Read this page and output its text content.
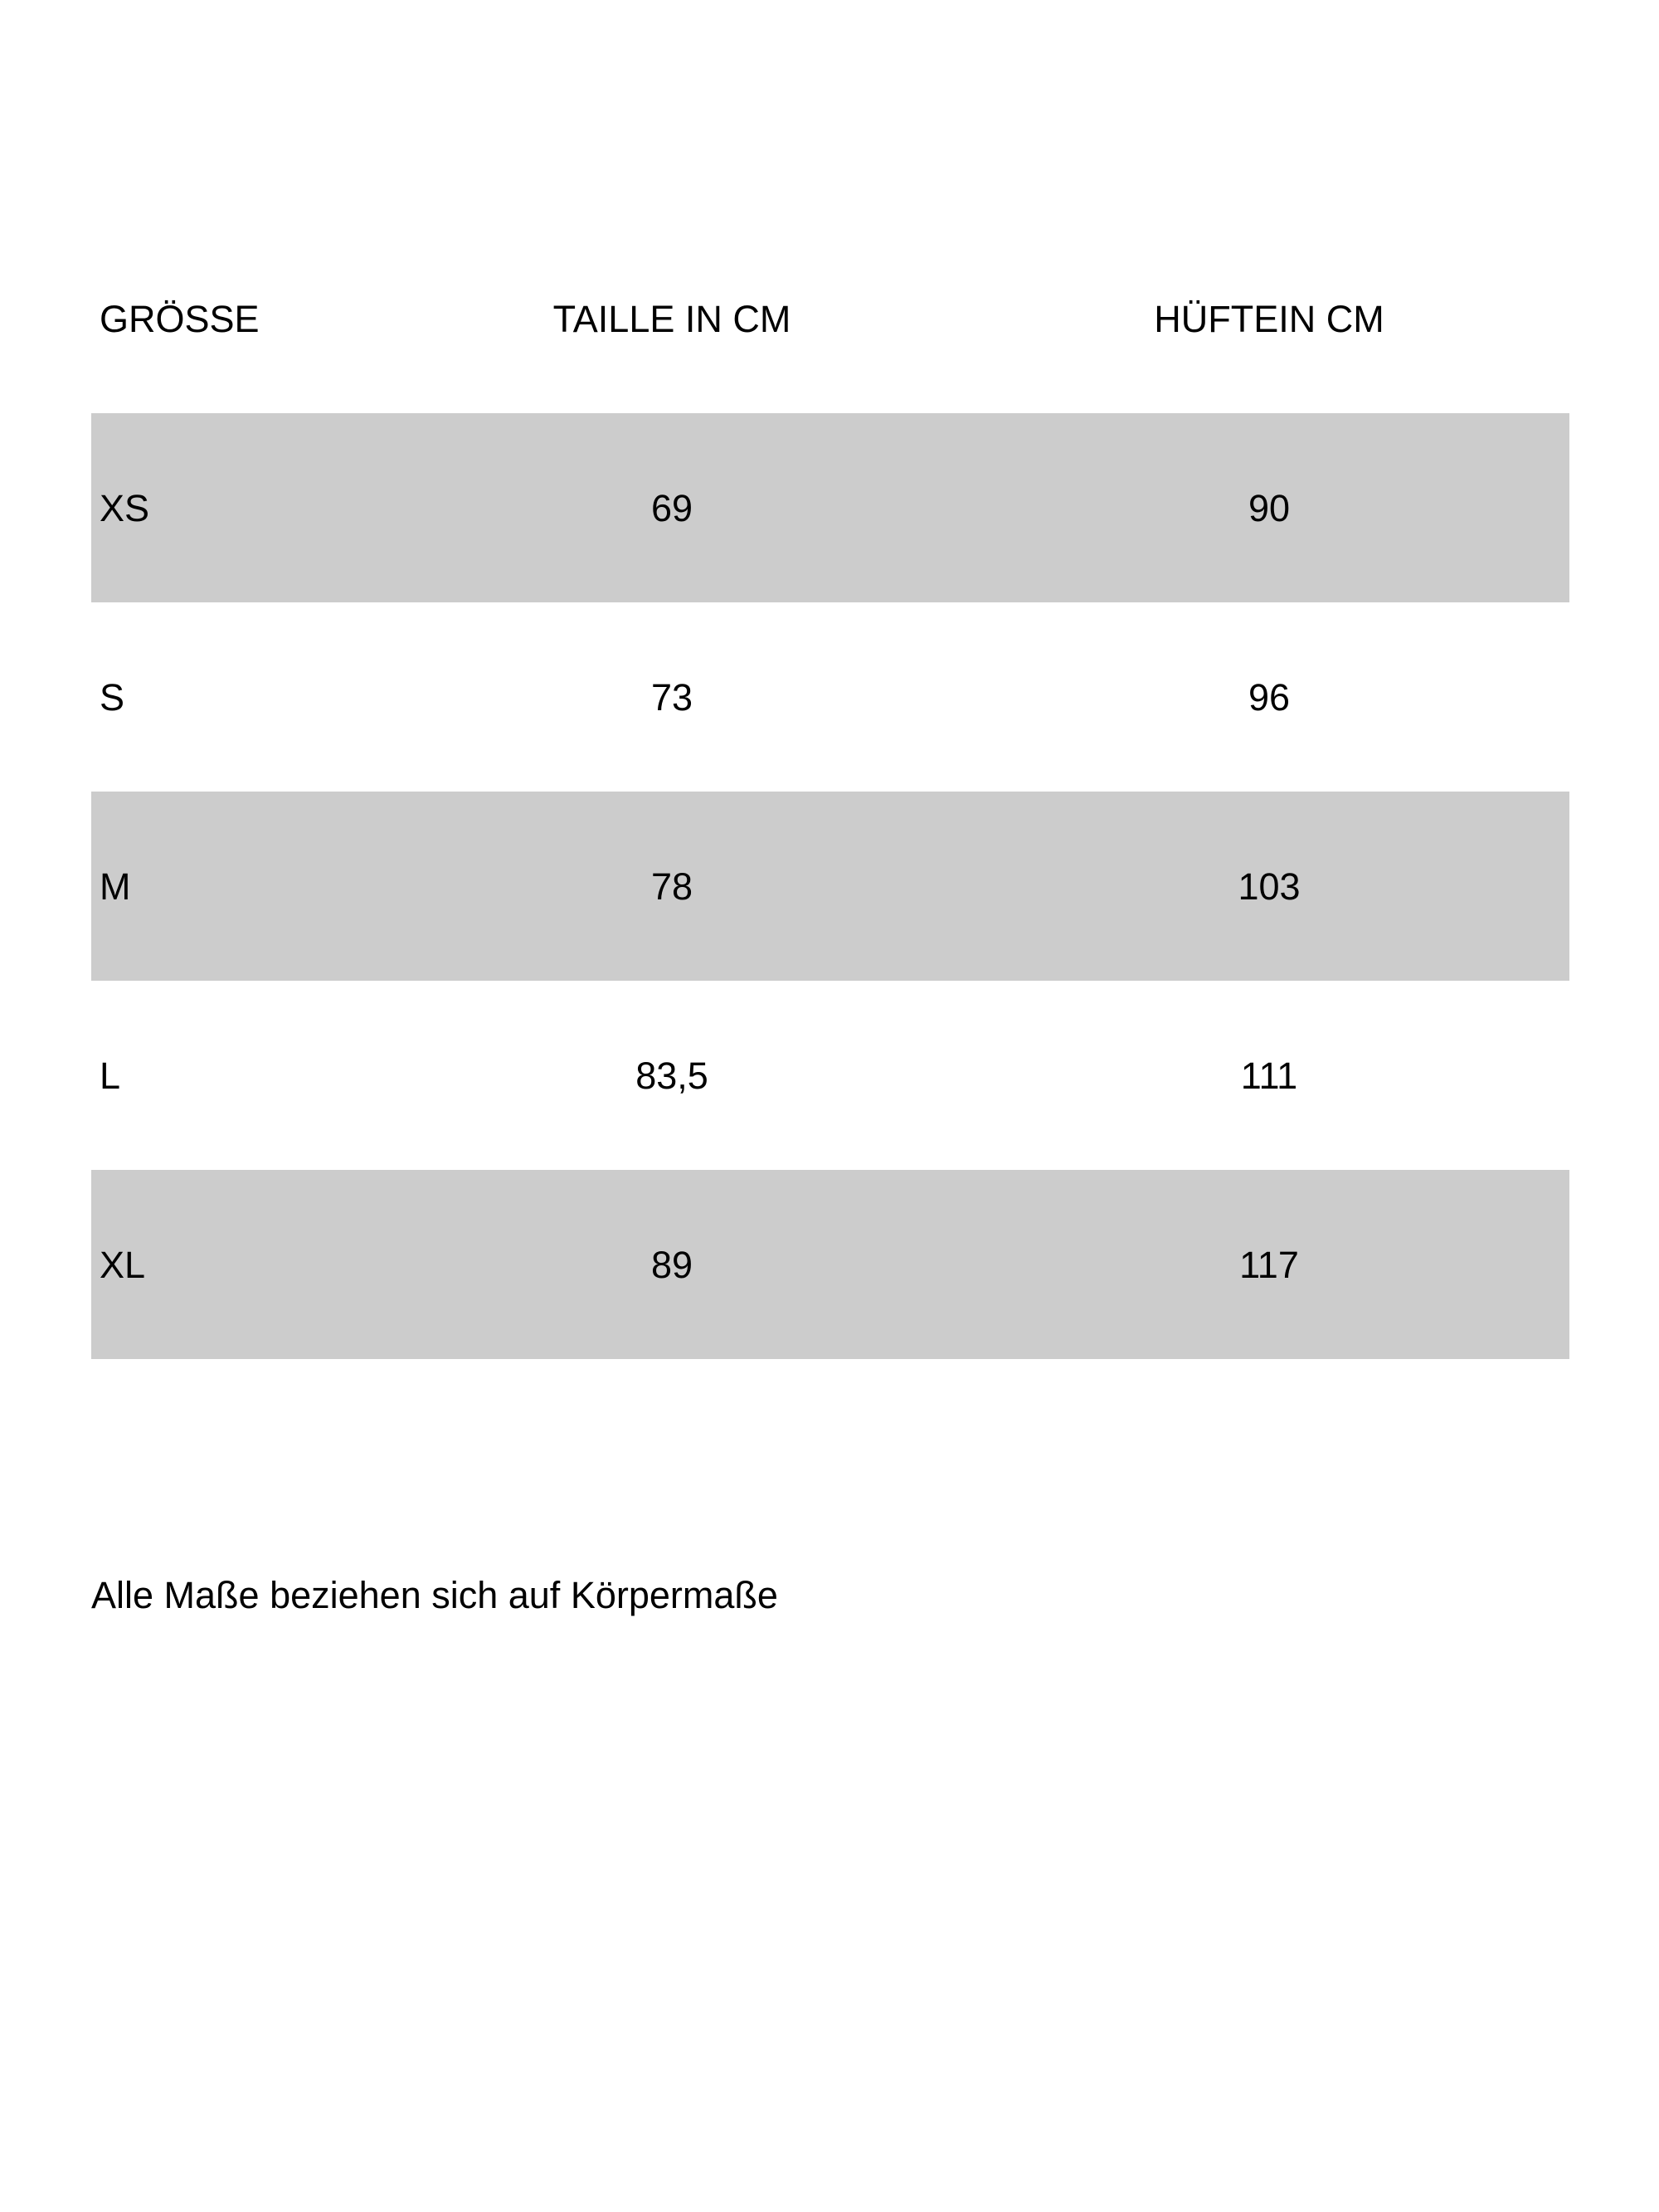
GRÖSSE	TAILLE IN CM	HÜFTEIN CM
XS	69	90
S	73	96
M	78	103
L	83,5	111
XL	89	117
Alle Maße beziehen sich auf Körpermaße
